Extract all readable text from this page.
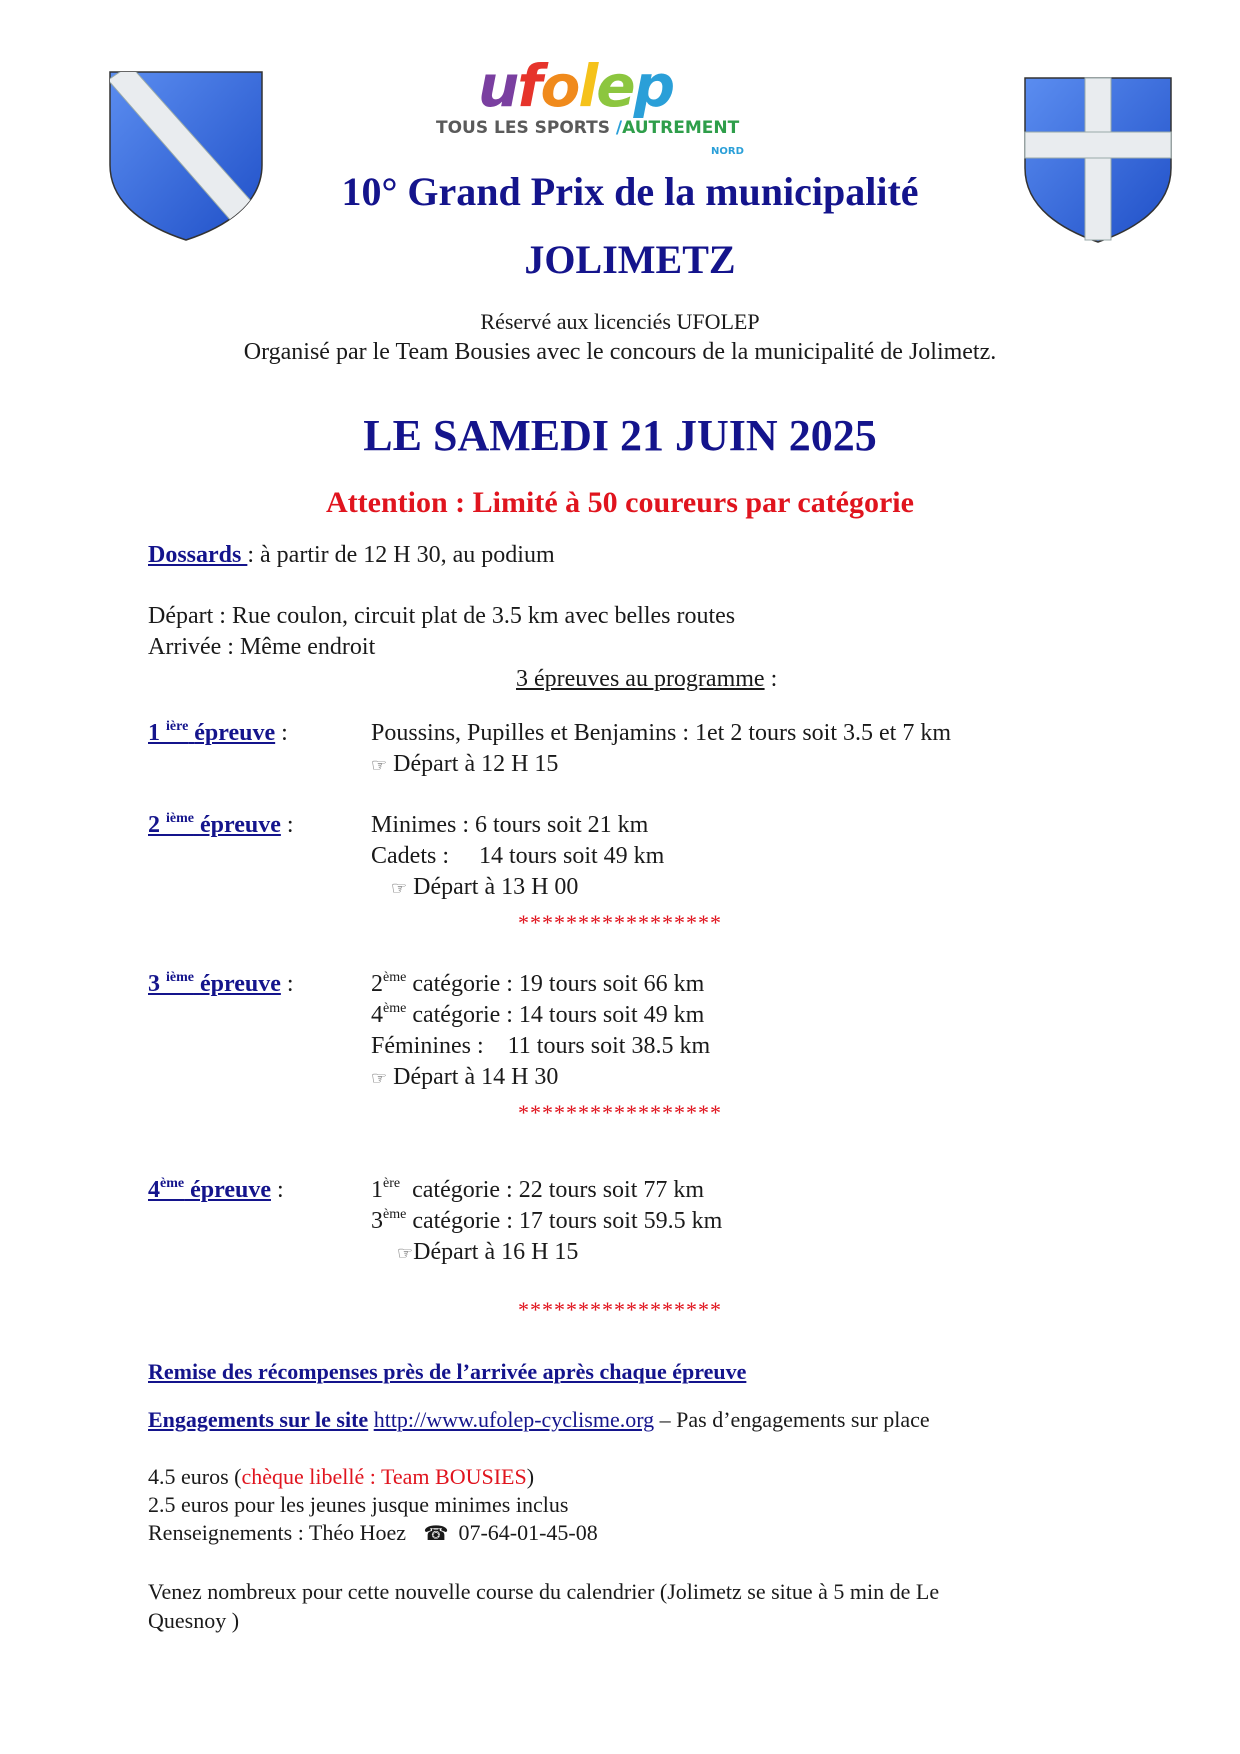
ufolep
TOUS LES SPORTS /AUTREMENT
NORD
10° Grand Prix de la municipalité
JOLIMETZ
Réservé aux licenciés UFOLEP
Organisé par le Team Bousies avec le concours de la municipalité de Jolimetz.
LE SAMEDI 21 JUIN 2025
Attention : Limité à 50 coureurs par catégorie
Dossards : à partir de 12 H 30, au podium
Départ : Rue coulon, circuit plat de 3.5 km avec belles routes
Arrivée : Même endroit
3 épreuves au programme :
1 $^{ière}$ épreuve :	Poussins, Pupilles et Benjamins : 1et 2 tours soit 3.5 et 7 km
☞ Départ à 12 H 15
2 $^{ième}$ épreuve :	Minimes : 6 tours soit 21 km
Cadets :     14 tours soit 49 km
☞ Départ à 13 H 00
*****************
3 $^{ième}$ épreuve :	2ème catégorie : 19 tours soit 66 km
4ème catégorie : 14 tours soit 49 km
Féminines :    11 tours soit 38.5 km
☞ Départ à 14 H 30
*****************
4ème épreuve :	1ère  catégorie : 22 tours soit 77 km
3ème catégorie : 17 tours soit 59.5 km
☞Départ à 16 H 15
*****************
Remise des récompenses près de l’arrivée après chaque épreuve
Engagements sur le site http://www.ufolep-cyclisme.org – Pas d’engagements sur place
4.5 euros (chèque libellé : Team BOUSIES)
2.5 euros pour les jeunes jusque minimes inclus
Renseignements : Théo Hoez ☎ 07-64-01-45-08
Venez nombreux pour cette nouvelle course du calendrier (Jolimetz se situe à 5 min de Le
Quesnoy )
